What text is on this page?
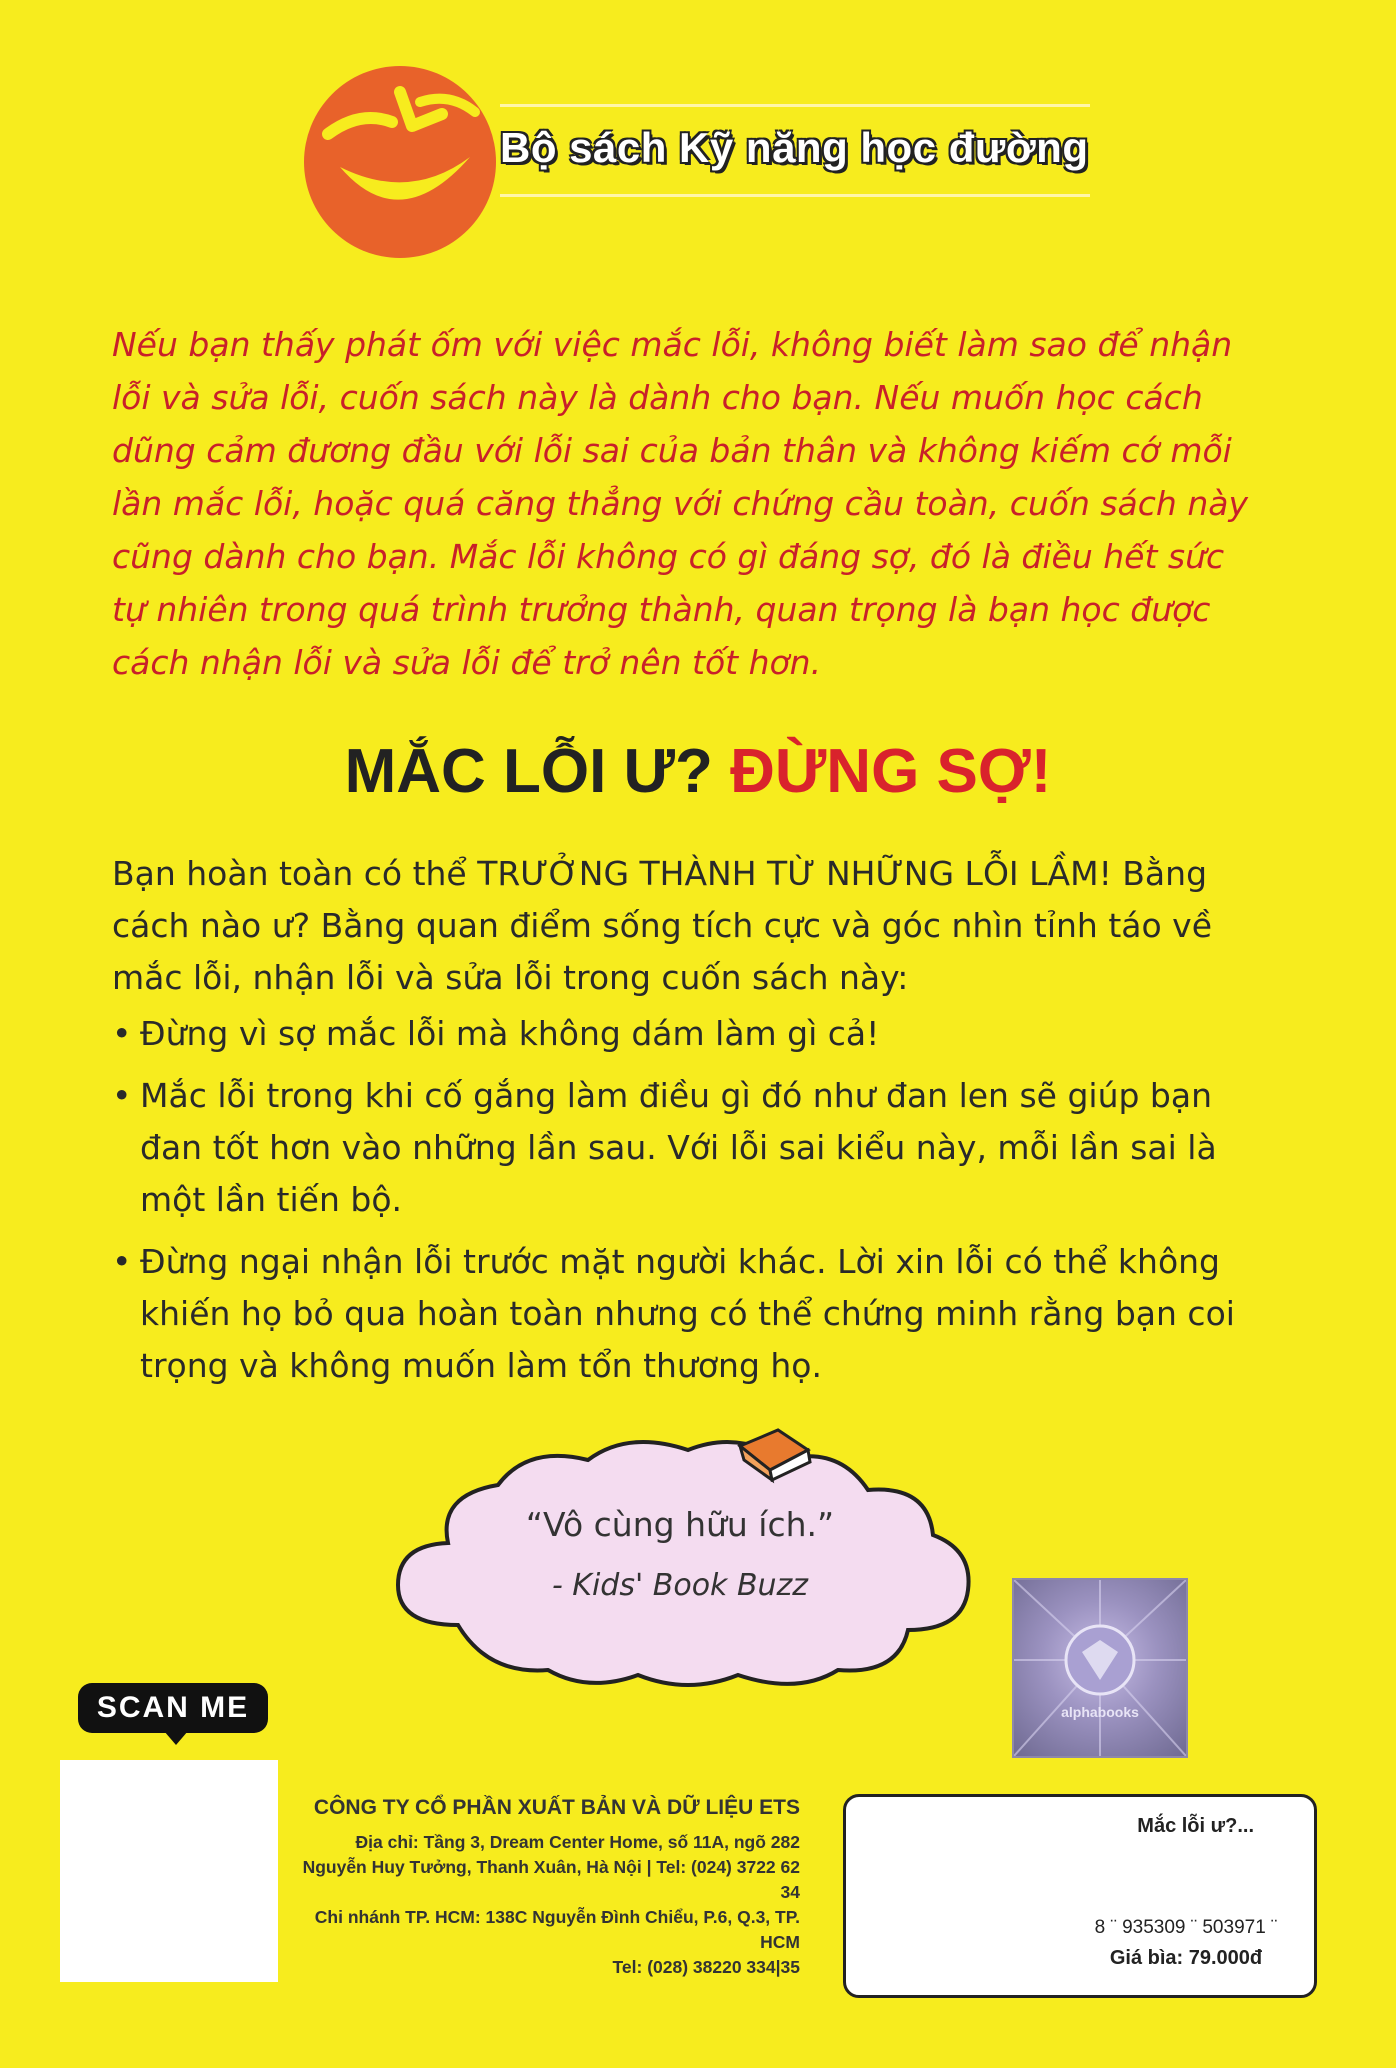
Bộ sách Kỹ năng học đường

Nếu bạn thấy phát ốm với việc mắc lỗi, không biết làm sao để nhận lỗi và sửa lỗi, cuốn sách này là dành cho bạn. Nếu muốn học cách dũng cảm đương đầu với lỗi sai của bản thân và không kiếm cớ mỗi lần mắc lỗi, hoặc quá căng thẳng với chứng cầu toàn, cuốn sách này cũng dành cho bạn. Mắc lỗi không có gì đáng sợ, đó là điều hết sức tự nhiên trong quá trình trưởng thành, quan trọng là bạn học được cách nhận lỗi và sửa lỗi để trở nên tốt hơn.

MẮC LỖI Ư? ĐỪNG SỢ!

Bạn hoàn toàn có thể TRƯỞNG THÀNH TỪ NHỮNG LỖI LẦM! Bằng cách nào ư? Bằng quan điểm sống tích cực và góc nhìn tỉnh táo về mắc lỗi, nhận lỗi và sửa lỗi trong cuốn sách này:

• Đừng vì sợ mắc lỗi mà không dám làm gì cả!
• Mắc lỗi trong khi cố gắng làm điều gì đó như đan len sẽ giúp bạn đan tốt hơn vào những lần sau. Với lỗi sai kiểu này, mỗi lần sai là một lần tiến bộ.
• Đừng ngại nhận lỗi trước mặt người khác. Lời xin lỗi có thể không khiến họ bỏ qua hoàn toàn nhưng có thể chứng minh rằng bạn coi trọng và không muốn làm tổn thương họ.

“Vô cùng hữu ích.”

- Kids' Book Buzz

alphabooks
SCAN ME

CÔNG TY CỔ PHẦN XUẤT BẢN VÀ DỮ LIỆU ETS

Địa chỉ: Tầng 3, Dream Center Home, số 11A, ngõ 282

Nguyễn Huy Tưởng, Thanh Xuân, Hà Nội | Tel: (024) 3722 62 34

Chi nhánh TP. HCM: 138C Nguyễn Đình Chiểu, P.6, Q.3, TP. HCM

Tel: (028) 38220 334|35

Mắc lỗi ư?...
8 ¨ 935309 ¨ 503971 ¨
Giá bìa: 79.000đ
